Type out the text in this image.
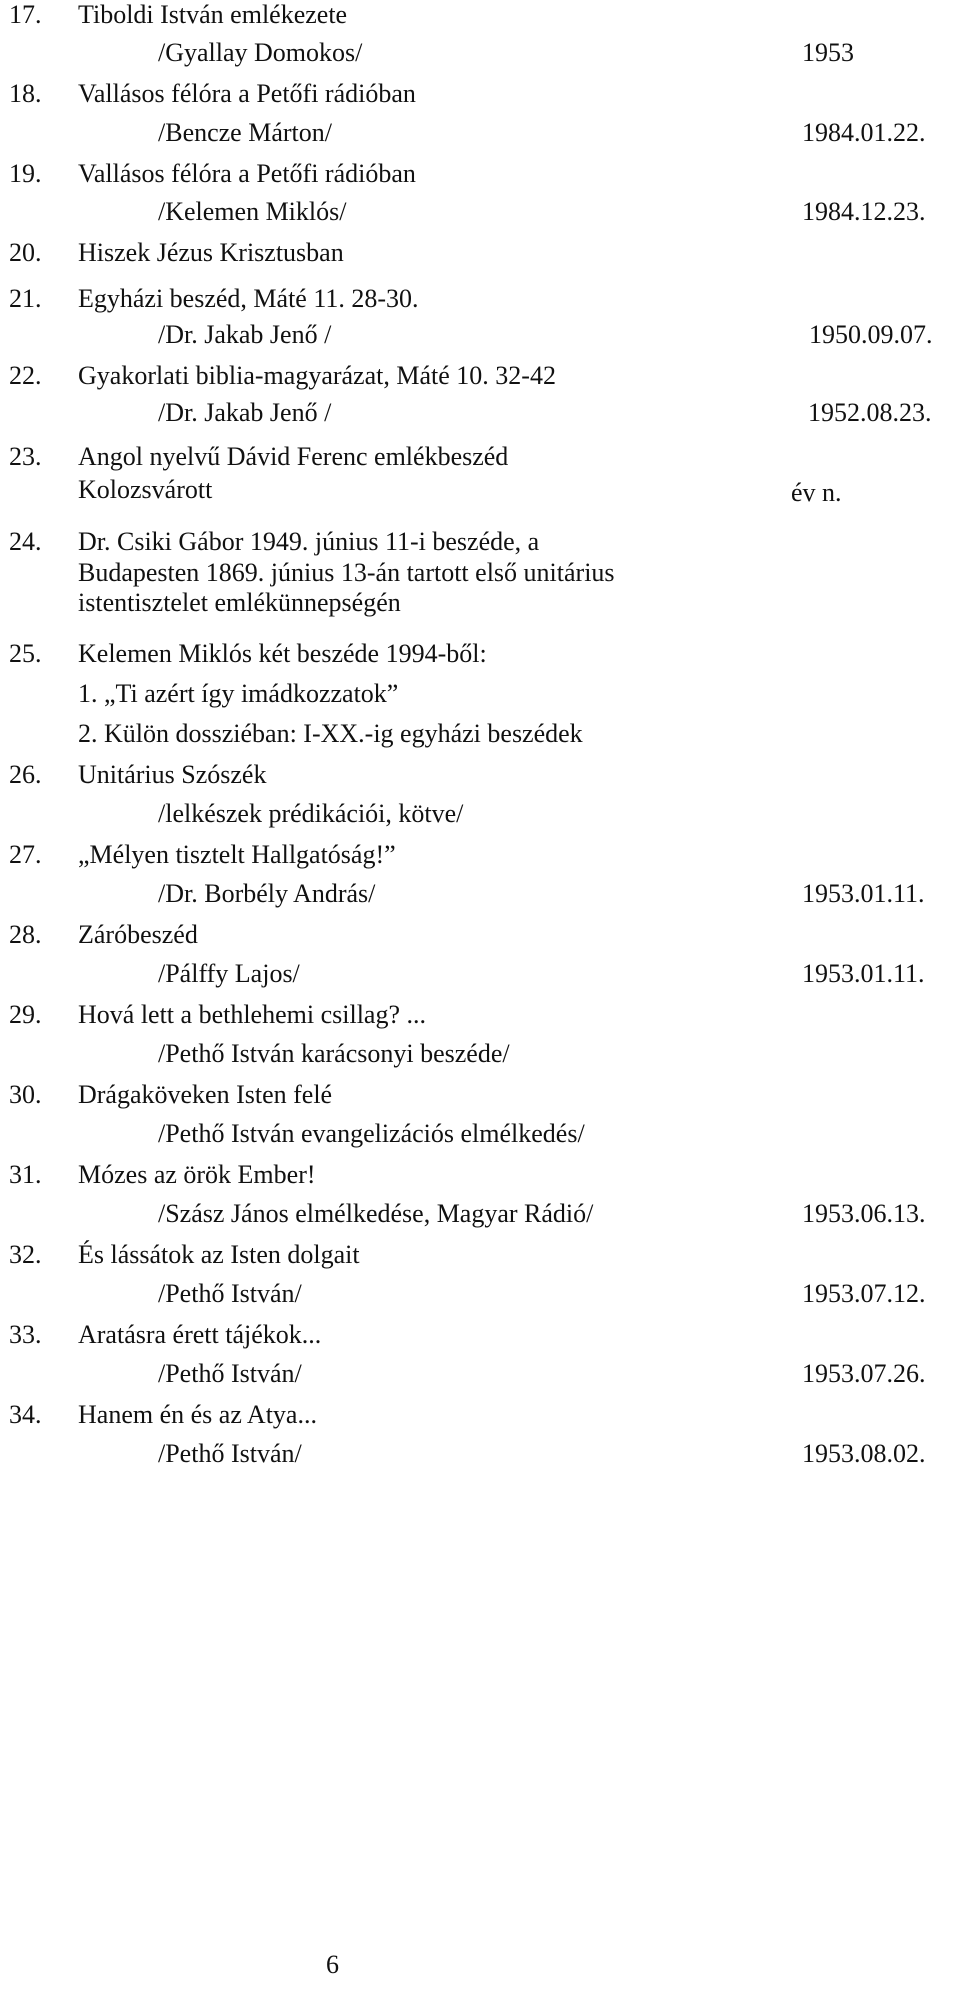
17. Tiboldi István emlékezete
/Gyallay Domokos/	1953
18. Vallásos félóra a Petőfi rádióban
/Bencze Márton/	1984.01.22.
19. Vallásos félóra a Petőfi rádióban
/Kelemen Miklós/	1984.12.23.
20. Hiszek Jézus Krisztusban
21. Egyházi beszéd, Máté 11. 28-30.
/Dr. Jakab Jenő /	1950.09.07.
22. Gyakorlati biblia-magyarázat, Máté 10. 32-42
/Dr. Jakab Jenő /	1952.08.23.
23. Angol nyelvű Dávid Ferenc emlékbeszéd
Kolozsvárott	év n.
24. Dr. Csiki Gábor 1949. június 11-i beszéde, a
Budapesten 1869. június 13-án tartott első unitárius
istentisztelet emlékünnepségén
25. Kelemen Miklós két beszéde 1994-ből:
1. „Ti azért így imádkozzatok”
2. Külön dossziéban: I-XX.-ig egyházi beszédek
26. Unitárius Szószék
/lelkészek prédikációi, kötve/
27. „Mélyen tisztelt Hallgatóság!”
/Dr. Borbély András/	1953.01.11.
28. Záróbeszéd
/Pálffy Lajos/	1953.01.11.
29. Hová lett a bethlehemi csillag? ...
/Pethő István karácsonyi beszéde/
30. Drágaköveken Isten felé
/Pethő István evangelizációs elmélkedés/
31. Mózes az örök Ember!
/Szász János elmélkedése, Magyar Rádió/	1953.06.13.
32. És lássátok az Isten dolgait
/Pethő István/	1953.07.12.
33. Aratásra érett tájékok...
/Pethő István/	1953.07.26.
34. Hanem én és az Atya...
/Pethő István/	1953.08.02.
6
